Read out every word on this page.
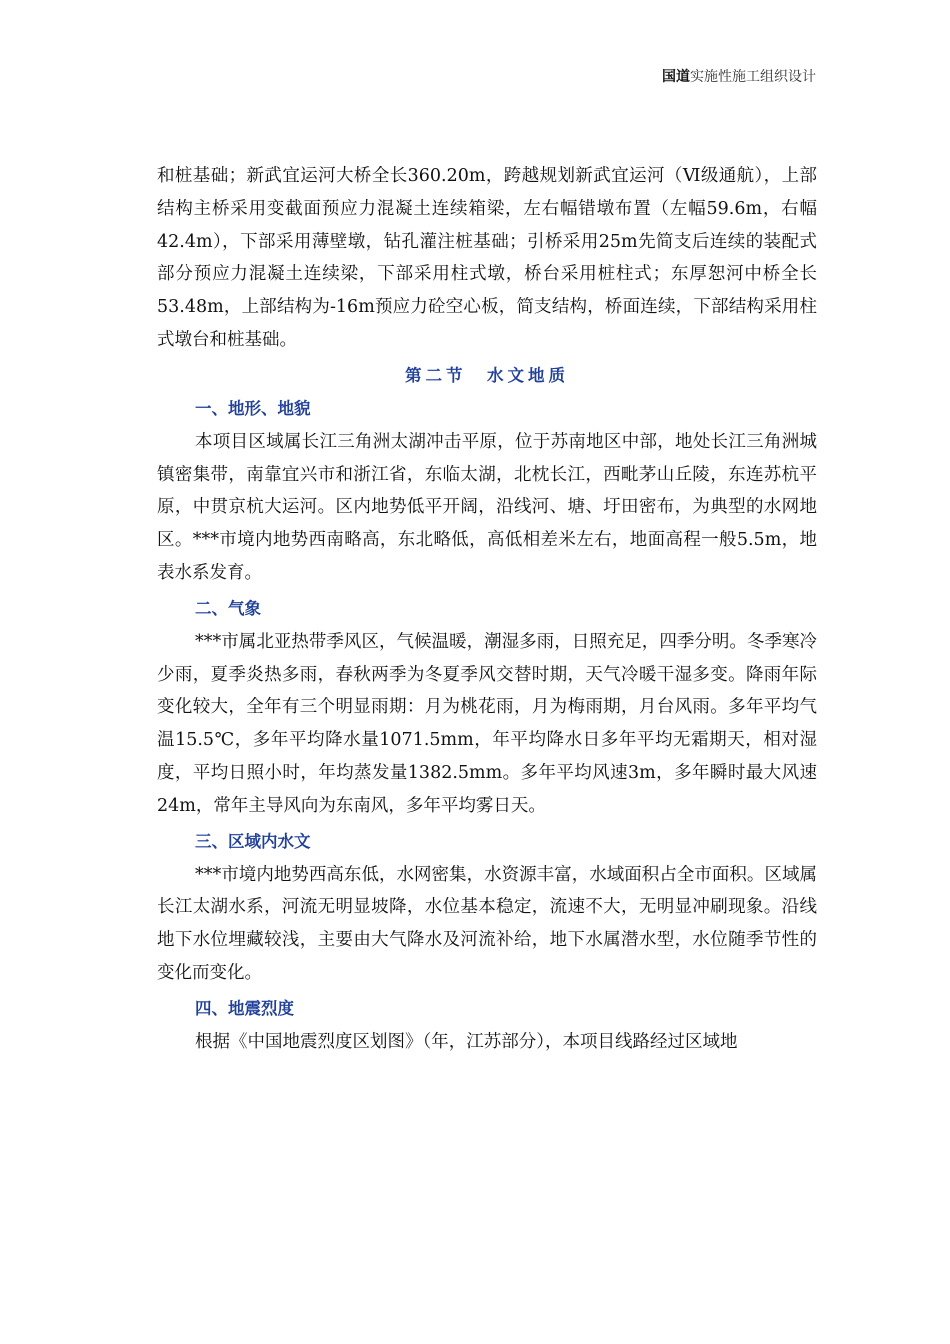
国道实施性施工组织设计

和桩基础；新武宜运河大桥全长360.20m，跨越规划新武宜运河（Ⅵ级通航），上部结构主桥采用变截面预应力混凝土连续箱梁，左右幅错墩布置（左幅59.6m，右幅42.4m），下部采用薄壁墩，钻孔灌注桩基础；引桥采用25m先简支后连续的装配式部分预应力混凝土连续梁，下部采用柱式墩，桥台采用桩柱式；东厚恕河中桥全长53.48m，上部结构为-16m预应力砼空心板，简支结构，桥面连续，下部结构采用柱式墩台和桩基础。

第二节　水文地质
一、地形、地貌

本项目区域属长江三角洲太湖冲击平原，位于苏南地区中部，地处长江三角洲城镇密集带，南靠宜兴市和浙江省，东临太湖，北枕长江，西毗茅山丘陵，东连苏杭平原，中贯京杭大运河。区内地势低平开阔，沿线河、塘、圩田密布，为典型的水网地区。***市境内地势西南略高，东北略低，高低相差米左右，地面高程一般5.5m，地表水系发育。

二、气象

***市属北亚热带季风区，气候温暖，潮湿多雨，日照充足，四季分明。冬季寒冷少雨，夏季炎热多雨，春秋两季为冬夏季风交替时期，天气冷暖干湿多变。降雨年际变化较大，全年有三个明显雨期：月为桃花雨，月为梅雨期，月台风雨。多年平均气温15.5℃，多年平均降水量1071.5mm，年平均降水日多年平均无霜期天，相对湿度，平均日照小时，年均蒸发量1382.5mm。多年平均风速3m，多年瞬时最大风速24m，常年主导风向为东南风，多年平均雾日天。

三、区域内水文

***市境内地势西高东低，水网密集，水资源丰富，水域面积占全市面积。区域属长江太湖水系，河流无明显坡降，水位基本稳定，流速不大，无明显冲刷现象。沿线地下水位埋藏较浅，主要由大气降水及河流补给，地下水属潜水型，水位随季节性的变化而变化。

四、地震烈度

根据《中国地震烈度区划图》（年，江苏部分），本项目线路经过区域地
